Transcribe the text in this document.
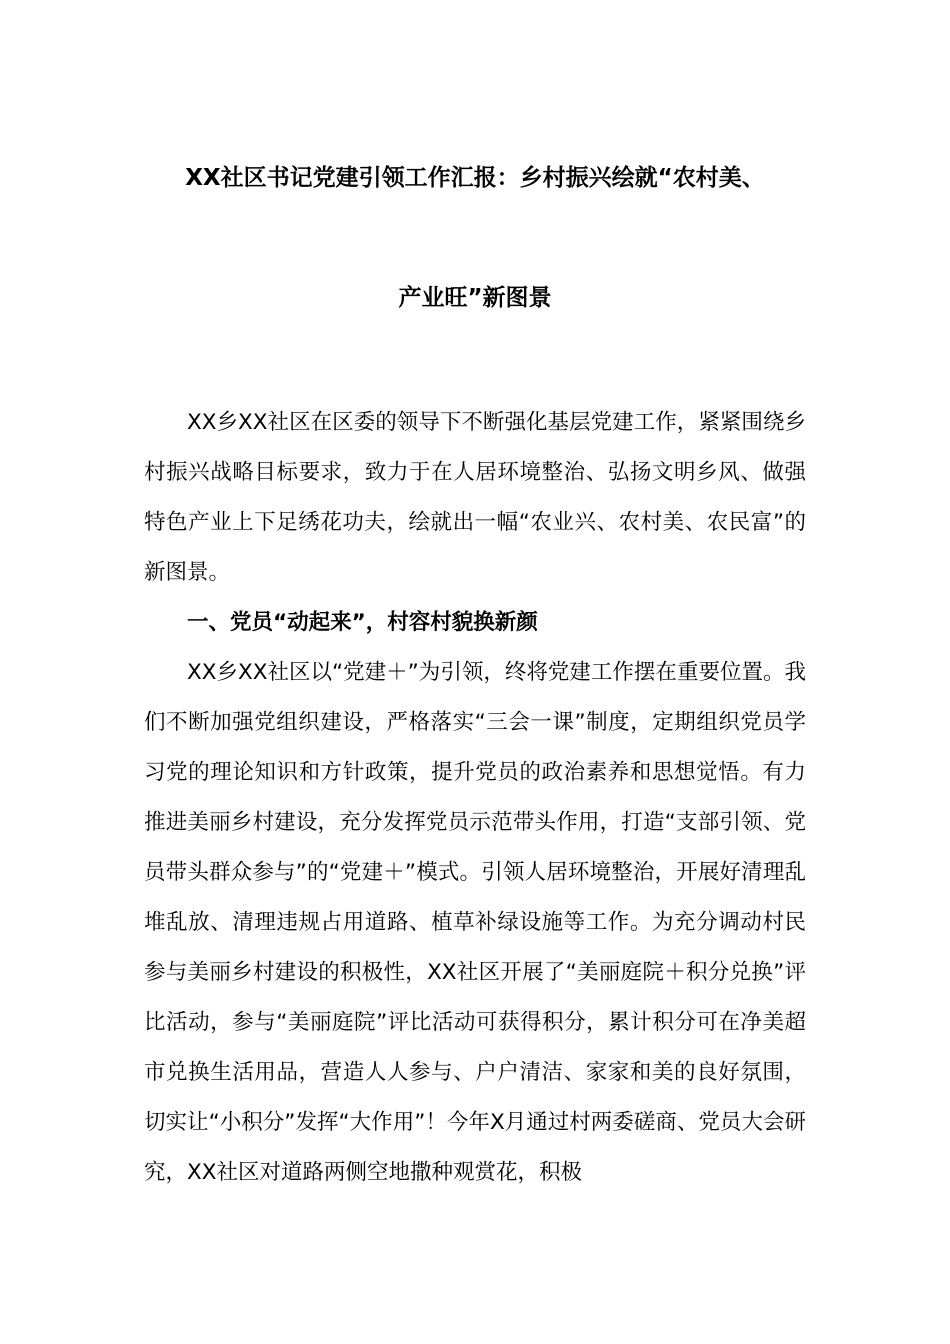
XX社区书记党建引领工作汇报：乡村振兴绘就“农村美、
产业旺”新图景

XX乡XX社区在区委的领导下不断强化基层党建工作，紧紧围绕乡村振兴战略目标要求，致力于在人居环境整治、弘扬文明乡风、做强特色产业上下足绣花功夫，绘就出一幅“农业兴、农村美、农民富”的新图景。

一、党员“动起来”，村容村貌换新颜

XX乡XX社区以“党建＋”为引领，终将党建工作摆在重要位置。我们不断加强党组织建设，严格落实“三会一课”制度，定期组织党员学习党的理论知识和方针政策，提升党员的政治素养和思想觉悟。有力推进美丽乡村建设，充分发挥党员示范带头作用，打造“支部引领、党员带头群众参与”的“党建＋”模式。引领人居环境整治，开展好清理乱堆乱放、清理违规占用道路、植草补绿设施等工作。为充分调动村民参与美丽乡村建设的积极性，XX社区开展了“美丽庭院＋积分兑换”评比活动，参与“美丽庭院”评比活动可获得积分，累计积分可在净美超市兑换生活用品，营造人人参与、户户清洁、家家和美的良好氛围，切实让“小积分”发挥“大作用”！今年X月通过村两委磋商、党员大会研究，XX社区对道路两侧空地撒种观赏花，积极
